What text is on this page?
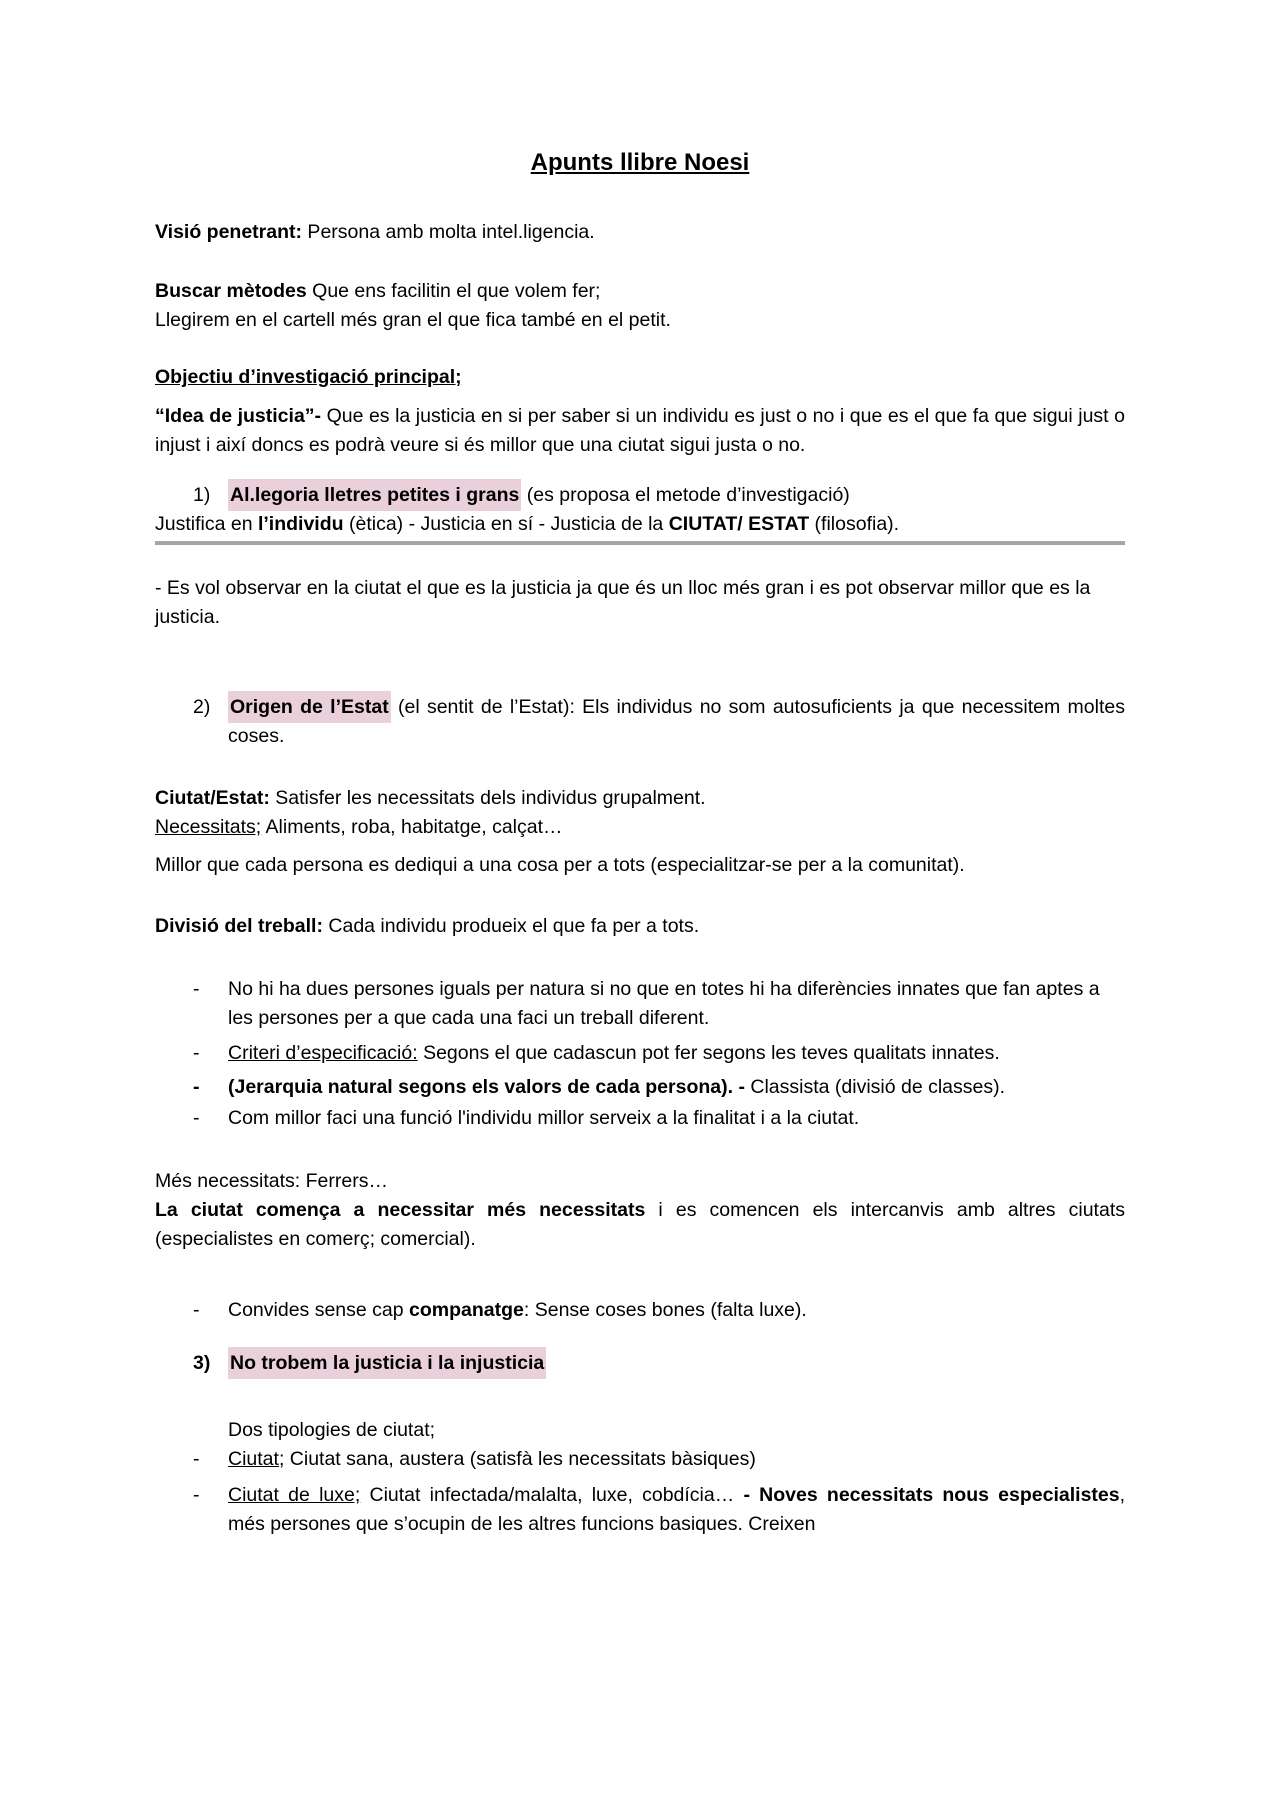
Apunts llibre Noesi

Visió penetrant: Persona amb molta intel.ligencia.

Buscar mètodes Que ens facilitin el que volem fer;

Llegirem en el cartell més gran el que fica també en el petit.

Objectiu d’investigació principal;

“Idea de justicia”- Que es la justicia en si per saber si un individu es just o no i que es el que fa que sigui just o injust i així doncs es podrà veure si és millor que una ciutat sigui justa o no.

1) Al.legoria lletres petites i grans (es proposa el metode d’investigació)

Justifica en l’individu (ètica) - Justicia en sí - Justicia de la CIUTAT/ ESTAT (filosofia).

- Es vol observar en la ciutat el que es la justicia ja que és un lloc més gran i es pot observar millor que es la justicia.

2) Origen de l’Estat (el sentit de l’Estat): Els individus no som autosuficients ja que necessitem moltes coses.

Ciutat/Estat: Satisfer les necessitats dels individus grupalment.

Necessitats; Aliments, roba, habitatge, calçat…

Millor que cada persona es dediqui a una cosa per a tots (especialitzar-se per a la comunitat).

Divisió del treball: Cada individu produeix el que fa per a tots.

- No hi ha dues persones iguals per natura si no que en totes hi ha diferències innates que fan aptes a les persones per a que cada una faci un treball diferent.
- Criteri d’especificació: Segons el que cadascun pot fer segons les teves qualitats innates.
- (Jerarquia natural segons els valors de cada persona). - Classista (divisió de classes).
- Com millor faci una funció l'individu millor serveix a la finalitat i a la ciutat.

Més necessitats: Ferrers…

La ciutat comença a necessitar més necessitats i es comencen els intercanvis amb altres ciutats (especialistes en comerç; comercial).

- Convides sense cap companatge: Sense coses bones (falta luxe).
3) No trobem la justicia i la injusticia

Dos tipologies de ciutat;

- Ciutat; Ciutat sana, austera (satisfà les necessitats bàsiques)
- Ciutat de luxe; Ciutat infectada/malalta, luxe, cobdícia… - Noves necessitats nous especialistes, més persones que s’ocupin de les altres funcions basiques. Creixen
